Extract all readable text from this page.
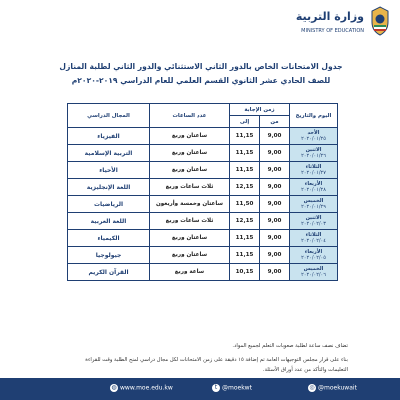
وزارة التربية
MINISTRY OF EDUCATION
جدول الامتحانات الخاص بالدور الثاني الاستثنائي والدور الثاني لطلبة المنازل
للصف الحادي عشر الثانوي القسم العلمي للعام الدراسي ٢٠١٩-٢٠٢٠م
اليوم والتاريخ	زمن الإجابة		عدد الساعات	المجال الدراسي
	من	إلى		

الأحد
٢٠٢٠/٠١/٢٥	9,00	11,15	ساعتان وربع	الفيزياء

الاثنين
٢٠٢٠/٠١/٢٦	9,00	11,15	ساعتان وربع	التربية الإسلامية

الثلاثاء
٢٠٢٠/٠١/٢٧	9,00	11,15	ساعتان وربع	الأحياء

الأربعاء
٢٠٢٠/٠١/٢٨	9,00	12,15	ثلاث ساعات وربع	اللغة الإنجليزية

الخميس
٢٠٢٠/٠١/٢٩	9,00	11,50	ساعتان وخمسة وأربعون	الرياضيات

الاثنين
٢٠٢٠/٠٢/٠٣	9,00	12,15	ثلاث ساعات وربع	اللغة العربية

الثلاثاء
٢٠٢٠/٠٢/٠٤	9,00	11,15	ساعتان وربع	الكيمياء

الأربعاء
٢٠٢٠/٠٢/٠٥	9,00	11,15	ساعتان وربع	جيولوجيا

الخميس
٢٠٢٠/٠٢/٠٦	9,00	10,15	ساعة وربع	القرآن الكريم
تضاف نصف ساعة لطلبة صعوبات التعلم لجميع المواد.
بناء على قرار مجلس التوجيهات العامة تم إضافة ١٥ دقيقة على زمن الامتحانات لكل مجال دراسي لمنح الطلبة وقت للقراءة
التعليمات والتأكد من عدد أوراق الأسئلة.
◍ www.moe.edu.kw	t @moekwt	◎ @moekuwait
